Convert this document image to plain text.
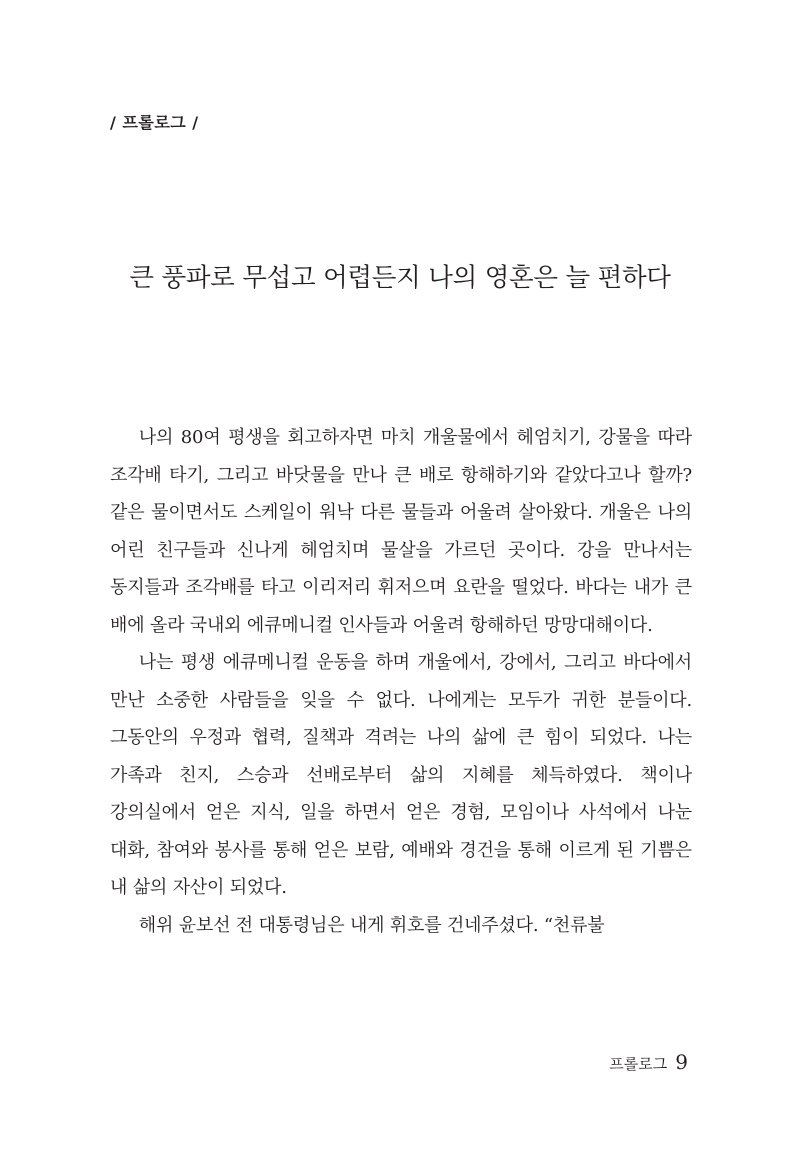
/ 프롤로그 /
큰 풍파로 무섭고 어렵든지 나의 영혼은 늘 편하다

나의 80여 평생을 회고하자면 마치 개울물에서 헤엄치기, 강물을 따라 조각배 타기, 그리고 바닷물을 만나 큰 배로 항해하기와 같았다고나 할까? 같은 물이면서도 스케일이 워낙 다른 물들과 어울려 살아왔다. 개울은 나의 어린 친구들과 신나게 헤엄치며 물살을 가르던 곳이다. 강을 만나서는 동지들과 조각배를 타고 이리저리 휘저으며 요란을 떨었다. 바다는 내가 큰 배에 올라 국내외 에큐메니컬 인사들과 어울려 항해하던 망망대해이다.

나는 평생 에큐메니컬 운동을 하며 개울에서, 강에서, 그리고 바다에서 만난 소중한 사람들을 잊을 수 없다. 나에게는 모두가 귀한 분들이다. 그동안의 우정과 협력, 질책과 격려는 나의 삶에 큰 힘이 되었다. 나는 가족과 친지, 스승과 선배로부터 삶의 지혜를 체득하였다. 책이나 강의실에서 얻은 지식, 일을 하면서 얻은 경험, 모임이나 사석에서 나눈 대화, 참여와 봉사를 통해 얻은 보람, 예배와 경건을 통해 이르게 된 기쁨은 내 삶의 자산이 되었다.

해위 윤보선 전 대통령님은 내게 휘호를 건네주셨다. “천류불

프롤로그 9
